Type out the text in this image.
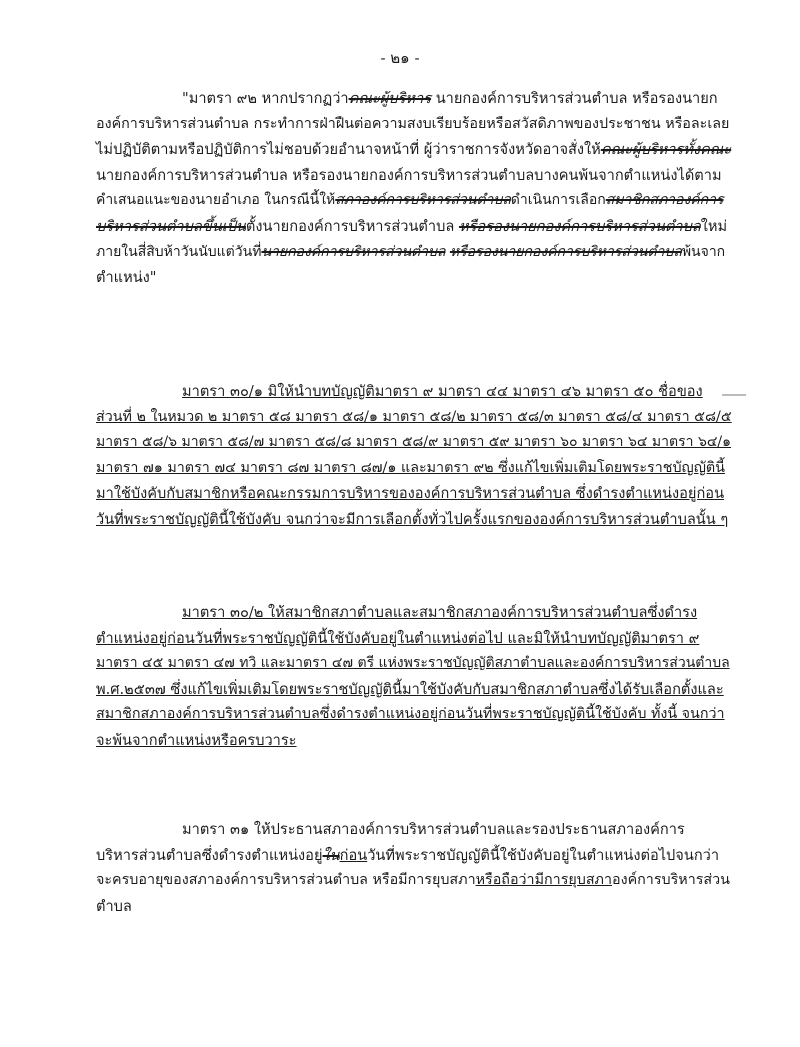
- ๒๑ -
"มาตรา ๙๒ หากปรากฏว่าคณะผู้บริหาร นายกองค์การบริหารส่วนตำบล หรือรองนายก
องค์การบริหารส่วนตำบล กระทำการฝ่าฝืนต่อความสงบเรียบร้อยหรือสวัสดิภาพของประชาชน หรือละเลย
ไม่ปฏิบัติตามหรือปฏิบัติการไม่ชอบด้วยอำนาจหน้าที่ ผู้ว่าราชการจังหวัดอาจสั่งให้คณะผู้บริหารทั้งคณะ
นายกองค์การบริหารส่วนตำบล หรือรองนายกองค์การบริหารส่วนตำบลบางคนพ้นจากตำแหน่งได้ตาม
คำเสนอแนะของนายอำเภอ ในกรณีนี้ให้สภาองค์การบริหารส่วนตำบลดำเนินการเลือกสมาชิกสภาองค์การ
บริหารส่วนตำบลขึ้นเป็นตั้งนายกองค์การบริหารส่วนตำบล หรือรองนายกองค์การบริหารส่วนตำบลใหม่
ภายในสี่สิบห้าวันนับแต่วันที่นายกองค์การบริหารส่วนตำบล หรือรองนายกองค์การบริหารส่วนตำบลพ้นจาก
ตำแหน่ง"
มาตรา ๓๐/๑ มิให้นำบทบัญญัติมาตรา ๙ มาตรา ๔๔ มาตรา ๔๖ มาตรา ๕๐ ชื่อของ
ส่วนที่ ๒ ในหมวด ๒ มาตรา ๕๘ มาตรา ๕๘/๑ มาตรา ๕๘/๒ มาตรา ๕๘/๓ มาตรา ๕๘/๔ มาตรา ๕๘/๕
มาตรา ๕๘/๖ มาตรา ๕๘/๗ มาตรา ๕๘/๘ มาตรา ๕๘/๙ มาตรา ๕๙ มาตรา ๖๐ มาตรา ๖๔ มาตรา ๖๔/๑
มาตรา ๗๑ มาตรา ๗๔ มาตรา ๘๗ มาตรา ๘๗/๑ และมาตรา ๙๒ ซึ่งแก้ไขเพิ่มเติมโดยพระราชบัญญัตินี้
มาใช้บังคับกับสมาชิกหรือคณะกรรมการบริหารขององค์การบริหารส่วนตำบล ซึ่งดำรงตำแหน่งอยู่ก่อน
วันที่พระราชบัญญัตินี้ใช้บังคับ จนกว่าจะมีการเลือกตั้งทั่วไปครั้งแรกขององค์การบริหารส่วนตำบลนั้น ๆ
มาตรา ๓๐/๒ ให้สมาชิกสภาตำบลและสมาชิกสภาองค์การบริหารส่วนตำบลซึ่งดำรง
ตำแหน่งอยู่ก่อนวันที่พระราชบัญญัตินี้ใช้บังคับอยู่ในตำแหน่งต่อไป และมิให้นำบทบัญญัติมาตรา ๙
มาตรา ๔๕ มาตรา ๔๗ ทวิ และมาตรา ๔๗ ตรี แห่งพระราชบัญญัติสภาตำบลและองค์การบริหารส่วนตำบล
พ.ศ.๒๕๓๗ ซึ่งแก้ไขเพิ่มเติมโดยพระราชบัญญัตินี้มาใช้บังคับกับสมาชิกสภาตำบลซึ่งได้รับเลือกตั้งและ
สมาชิกสภาองค์การบริหารส่วนตำบลซึ่งดำรงตำแหน่งอยู่ก่อนวันที่พระราชบัญญัตินี้ใช้บังคับ ทั้งนี้ จนกว่า
จะพ้นจากตำแหน่งหรือครบวาระ
มาตรา ๓๑ ให้ประธานสภาองค์การบริหารส่วนตำบลและรองประธานสภาองค์การ
บริหารส่วนตำบลซึ่งดำรงตำแหน่งอยู่ในก่อนวันที่พระราชบัญญัตินี้ใช้บังคับอยู่ในตำแหน่งต่อไปจนกว่า
จะครบอายุของสภาองค์การบริหารส่วนตำบล หรือมีการยุบสภาหรือถือว่ามีการยุบสภาองค์การบริหารส่วน
ตำบล
